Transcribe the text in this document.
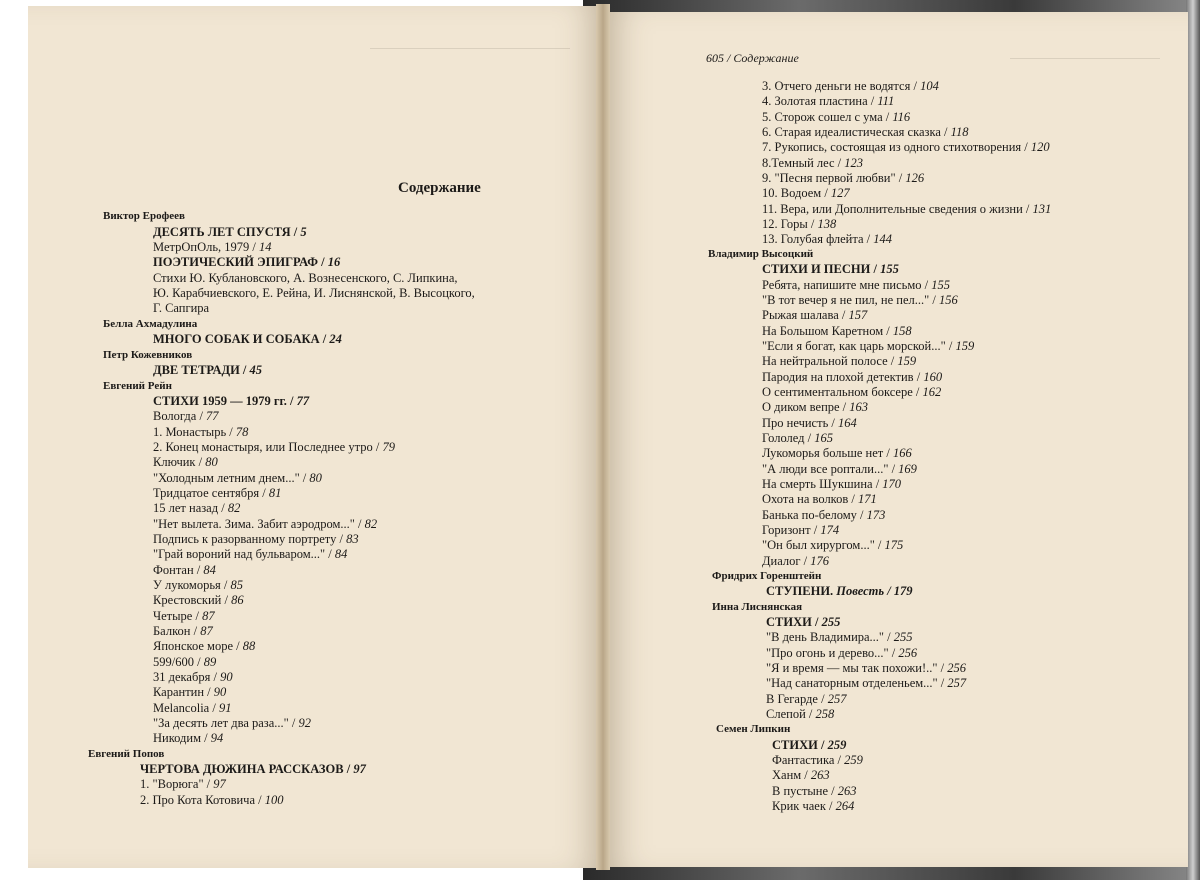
Содержание
605 / Содержание
Виктор Ерофеев
ДЕСЯТЬ ЛЕТ СПУСТЯ / 5
МетрОпОль, 1979 / 14
ПОЭТИЧЕСКИЙ ЭПИГРАФ / 16
Стихи Ю. Кублановского, А. Вознесенского, С. Липкина,
Ю. Карабчиевского, Е. Рейна, И. Лиснянской, В. Высоцкого,
Г. Сапгира
Белла Ахмадулина
МНОГО СОБАК И СОБАКА / 24
Петр Кожевников
ДВЕ ТЕТРАДИ / 45
Евгений Рейн
СТИХИ 1959 — 1979 гг. / 77
Вологда / 77
1. Монастырь / 78
2. Конец монастыря, или Последнее утро / 79
Ключик / 80
"Холодным летним днем..." / 80
Тридцатое сентября / 81
15 лет назад / 82
"Нет вылета. Зима. Забит аэродром..." / 82
Подпись к разорванному портрету / 83
"Грай вороний над бульваром..." / 84
Фонтан / 84
У лукоморья / 85
Крестовский / 86
Четыре / 87
Балкон / 87
Японское море / 88
599/600 / 89
31 декабря / 90
Карантин / 90
Melancolia / 91
"За десять лет два раза..." / 92
Никодим / 94
Евгений Попов
ЧЕРТОВА ДЮЖИНА РАССКАЗОВ / 97
1. "Ворюга" / 97
2. Про Кота Котовича / 100
3. Отчего деньги не водятся / 104
4. Золотая пластина / 111
5. Сторож сошел с ума / 116
6. Старая идеалистическая сказка / 118
7. Рукопись, состоящая из одного стихотворения / 120
8.Темный лес / 123
9. "Песня первой любви" / 126
10. Водоем / 127
11. Вера, или Дополнительные сведения о жизни / 131
12. Горы / 138
13. Голубая флейта / 144
Владимир Высоцкий
СТИХИ И ПЕСНИ / 155
Ребята, напишите мне письмо / 155
"В тот вечер я не пил, не пел..." / 156
Рыжая шалава / 157
На Большом Каретном / 158
"Если я богат, как царь морской..." / 159
На нейтральной полосе / 159
Пародия на плохой детектив / 160
О сентиментальном боксере / 162
О диком вепре / 163
Про нечисть / 164
Гололед / 165
Лукоморья больше нет / 166
"А люди все роптали..." / 169
На смерть Шукшина / 170
Охота на волков / 171
Банька по-белому / 173
Горизонт / 174
"Он был хирургом..." / 175
Диалог / 176
Фридрих Горенштейн
СТУПЕНИ. Повесть / 179
Инна Лиснянская
СТИХИ / 255
"В день Владимира..." / 255
"Про огонь и дерево..." / 256
"Я и время — мы так похожи!.." / 256
"Над санаторным отделеньем..." / 257
В Гегарде / 257
Слепой / 258
Семен Липкин
СТИХИ / 259
Фантастика / 259
Ханм / 263
В пустыне / 263
Крик чаек / 264
